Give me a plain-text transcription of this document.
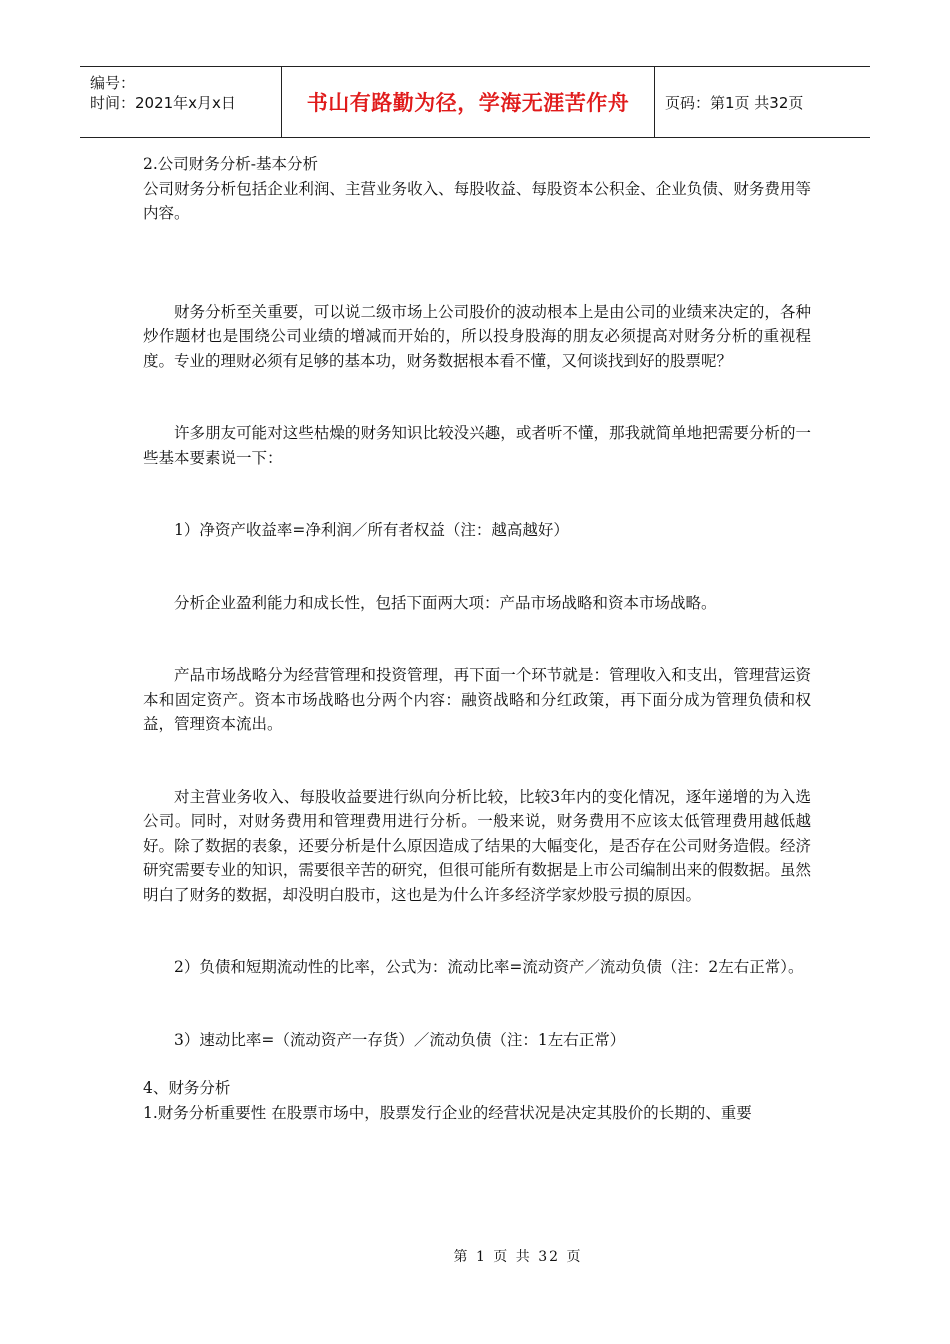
编号：
时间：2021年x月x日	书山有路勤为径，学海无涯苦作舟	页码：第1页 共32页

2.公司财务分析-基本分析

公司财务分析包括企业利润、主营业务收入、每股收益、每股资本公积金、企业负债、财务费用等内容。

财务分析至关重要，可以说二级市场上公司股价的波动根本上是由公司的业绩来决定的，各种炒作题材也是围绕公司业绩的增减而开始的，所以投身股海的朋友必须提高对财务分析的重视程度。专业的理财必须有足够的基本功，财务数据根本看不懂，又何谈找到好的股票呢？

许多朋友可能对这些枯燥的财务知识比较没兴趣，或者听不懂，那我就简单地把需要分析的一些基本要素说一下：

1）净资产收益率=净利润／所有者权益（注：越高越好）

分析企业盈利能力和成长性，包括下面两大项：产品市场战略和资本市场战略。

产品市场战略分为经营管理和投资管理，再下面一个环节就是：管理收入和支出，管理营运资本和固定资产。资本市场战略也分两个内容：融资战略和分红政策，再下面分成为管理负债和权益，管理资本流出。

对主营业务收入、每股收益要进行纵向分析比较，比较3年内的变化情况，逐年递增的为入选公司。同时，对财务费用和管理费用进行分析。一般来说，财务费用不应该太低管理费用越低越好。除了数据的表象，还要分析是什么原因造成了结果的大幅变化，是否存在公司财务造假。经济研究需要专业的知识，需要很辛苦的研究，但很可能所有数据是上市公司编制出来的假数据。虽然明白了财务的数据，却没明白股市，这也是为什么许多经济学家炒股亏损的原因。

2）负债和短期流动性的比率，公式为：流动比率=流动资产／流动负债（注：2左右正常）。

3）速动比率=（流动资产一存货）／流动负债（注：1左右正常）

4、财务分析

1.财务分析重要性 在股票市场中，股票发行企业的经营状况是决定其股价的长期的、重要

第 1 页 共 32 页
